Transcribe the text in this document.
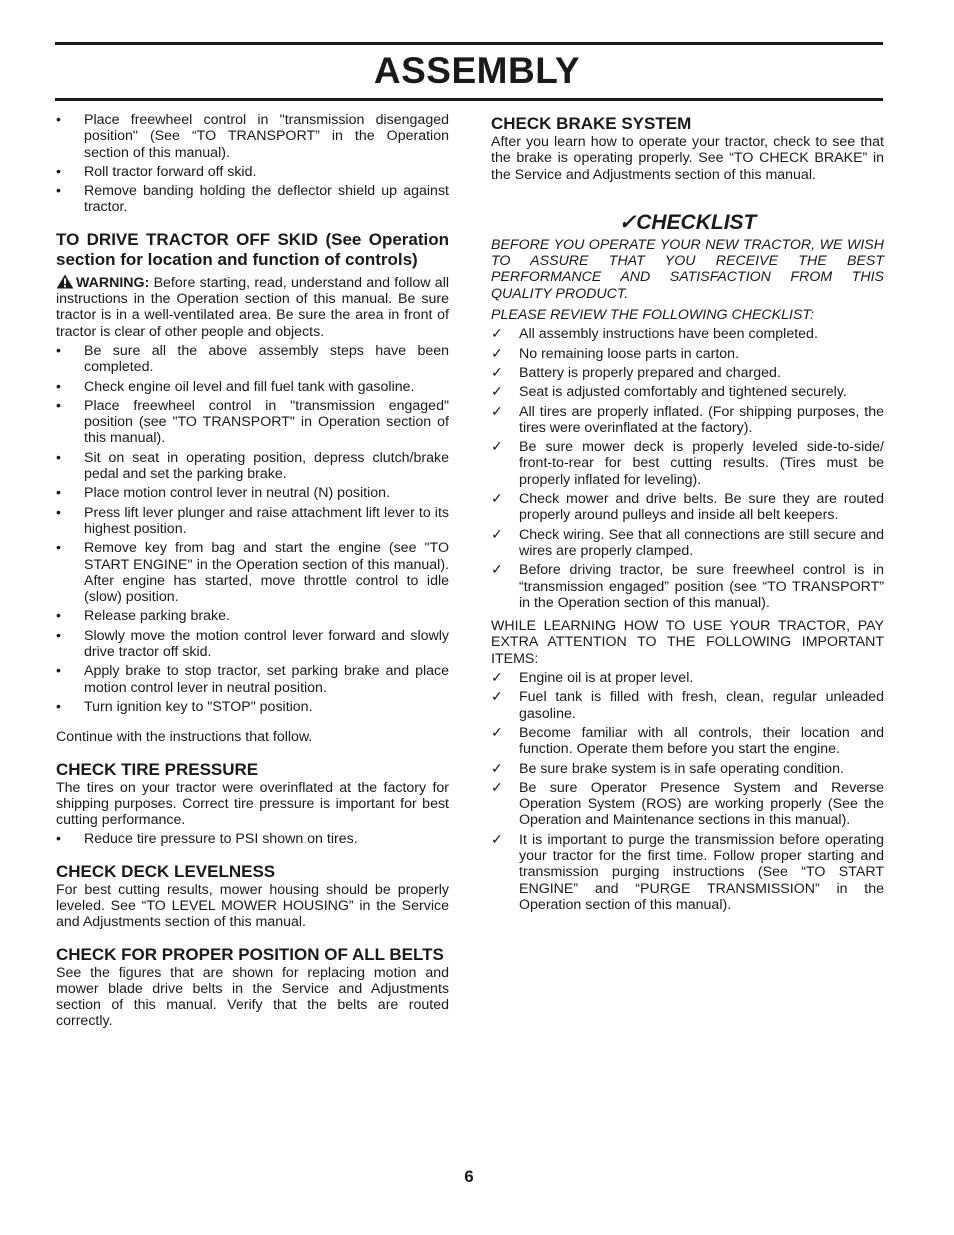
ASSEMBLY
• Place freewheel control in "transmission disengaged position" (See “TO TRANSPORT” in the Operation section of this manual).
• Roll tractor forward off skid.
• Remove banding holding the deflector shield up against tractor.
TO DRIVE TRACTOR OFF SKID (See Operation section for location and function of controls)

WARNING: Before starting, read, understand and follow all instructions in the Operation section of this manual. Be sure tractor is in a well-ventilated area. Be sure the area in front of tractor is clear of other people and objects.

• Be sure all the above assembly steps have been completed.
• Check engine oil level and fill fuel tank with gasoline.
• Place freewheel control in "transmission engaged" position (see "TO TRANSPORT" in Operation section of this manual).
• Sit on seat in operating position, depress clutch/brake pedal and set the parking brake.
• Place motion control lever in neutral (N) position.
• Press lift lever plunger and raise attachment lift lever to its highest position.
• Remove key from bag and start the engine (see "TO START ENGINE" in the Operation section of this manual). After engine has started, move throttle control to idle (slow) position.
• Release parking brake.
• Slowly move the motion control lever forward and slowly drive tractor off skid.
• Apply brake to stop tractor, set parking brake and place motion control lever in neutral position.
• Turn ignition key to "STOP" position.

Continue with the instructions that follow.

CHECK TIRE PRESSURE

The tires on your tractor were overinflated at the factory for shipping purposes. Correct tire pressure is important for best cutting performance.

• Reduce tire pressure to PSI shown on tires.
CHECK DECK LEVELNESS

For best cutting results, mower housing should be properly leveled. See “TO LEVEL MOWER HOUSING” in the Service and Adjustments section of this manual.

CHECK FOR PROPER POSITION OF ALL BELTS

See the figures that are shown for replacing motion and mower blade drive belts in the Service and Adjustments section of this manual. Verify that the belts are routed correctly.

CHECK BRAKE SYSTEM

After you learn how to operate your tractor, check to see that the brake is operating properly. See “TO CHECK BRAKE” in the Service and Adjustments section of this manual.

✓CHECKLIST

BEFORE YOU OPERATE YOUR NEW TRACTOR, WE WISH TO ASSURE THAT YOU RECEIVE THE BEST PERFORMANCE AND SATISFACTION FROM THIS QUALITY PRODUCT.

PLEASE REVIEW THE FOLLOWING CHECKLIST:

✓ All assembly instructions have been completed.
✓ No remaining loose parts in carton.
✓ Battery is properly prepared and charged.
✓ Seat is adjusted comfortably and tightened securely.
✓ All tires are properly inflated. (For shipping purposes, the tires were overinflated at the factory).
✓ Be sure mower deck is properly leveled side-to-side/ front-to-rear for best cutting results. (Tires must be properly inflated for leveling).
✓ Check mower and drive belts. Be sure they are routed properly around pulleys and inside all belt keepers.
✓ Check wiring. See that all connections are still secure and wires are properly clamped.
✓ Before driving tractor, be sure freewheel control is in “transmission engaged” position (see “TO TRANSPORT” in the Operation section of this manual).

WHILE LEARNING HOW TO USE YOUR TRACTOR, PAY EXTRA ATTENTION TO THE FOLLOWING IMPORTANT ITEMS:

✓ Engine oil is at proper level.
✓ Fuel tank is filled with fresh, clean, regular unleaded gasoline.
✓ Become familiar with all controls, their location and function. Operate them before you start the engine.
✓ Be sure brake system is in safe operating condition.
✓ Be sure Operator Presence System and Reverse Operation System (ROS) are working properly (See the Operation and Maintenance sections in this manual).
✓ It is important to purge the transmission before operating your tractor for the first time. Follow proper starting and transmission purging instructions (See “TO START ENGINE” and “PURGE TRANSMISSION” in the Operation section of this manual).
6
